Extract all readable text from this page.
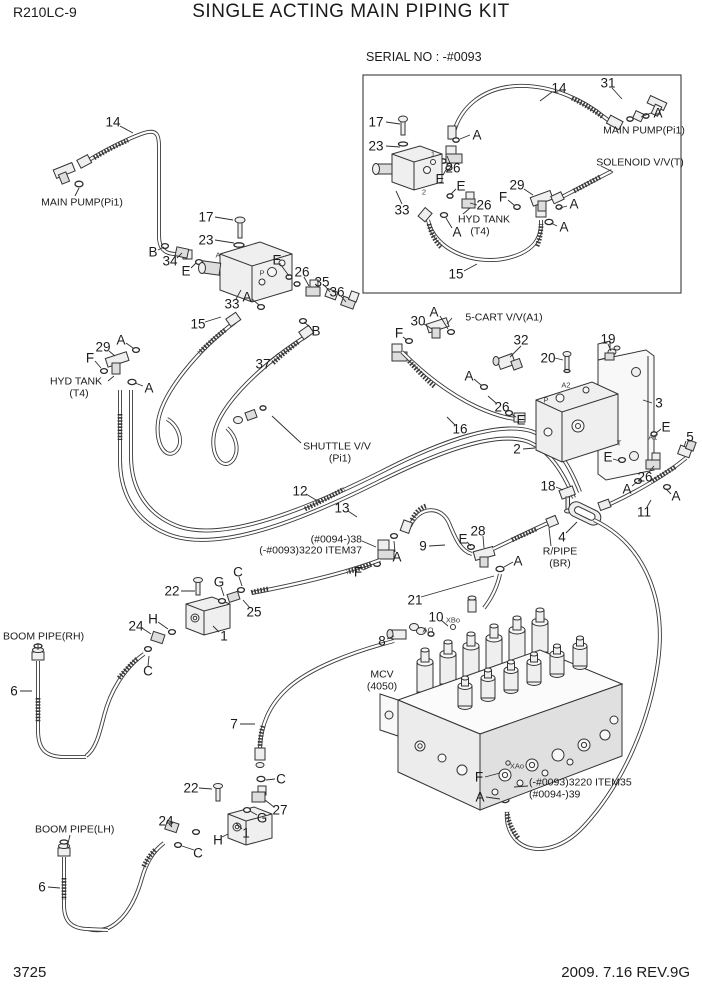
R210LC-9	SINGLE ACTING MAIN PIPING KIT
SERIAL NO : -#0093
3725	2009. 7.16 REV.9G
17
23
14	31
A
MAIN PUMP(Pi1)
A
1
26
E E
2
33	26
HYD TANK
A (T4)
29
F
SOLENOID V/V(T)
A
A
15
14
MAIN PUMP(Pi1)
17
23
B
34
E
A	E
26
35
36
33 A
P
15	B
37
A
29
F
HYD TANK
(T4)	A
SHUTTLE V/V
(Pi1)
30
A	5-CART V/V(A1)
F	32
20
19
A
26
E
A2
P	3
2
16	E
A1 5
T
E
26
A
18
A
11
12
13
(#0094-)38
(-#0093)3220 ITEM37 A
9 E
28
F
A
4
R/PIPE
(BR)
21
10 XBo
8
AO
MCV
(4050)
22
G
C
25
24 H
1
BOOM PIPE(RH)
6
C
7
C
22
27
G
24
1
H
C
BOOM PIPE(LH)
6
XAo
F	(-#0093)3220 ITEM35
(#0094-)39
A
